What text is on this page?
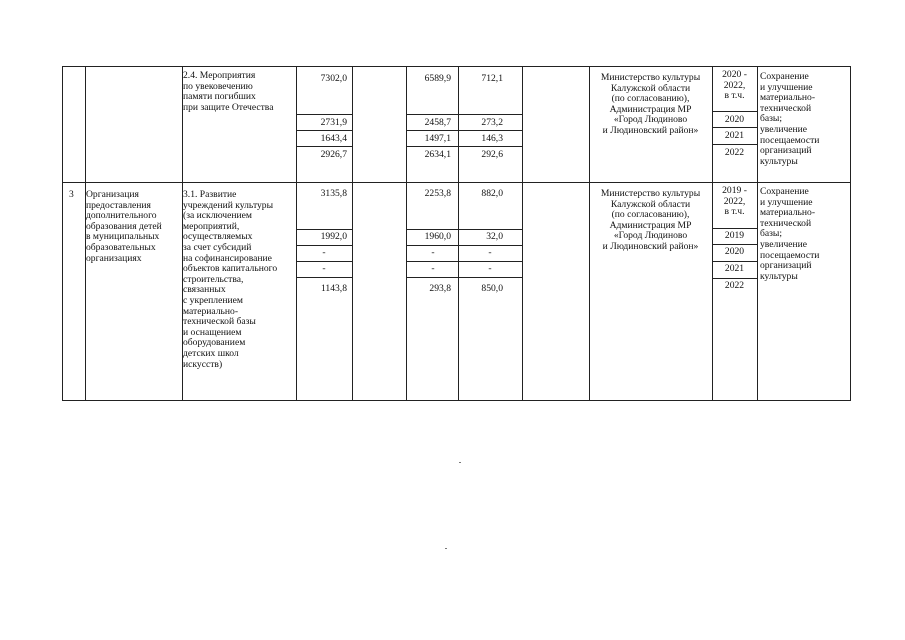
2.4. Мероприятия
по увековечению
памяти погибших
при защите Отечества
7302,0
2731,9
1643,4
2926,7
6589,9
2458,7
1497,1
2634,1
712,1
273,2
146,3
292,6
Министерство культуры
Калужской области
(по согласованию),
Администрация МР
«Город Людиново
и Людиновский район»
2020 -
2022,
в т.ч.
2020
2021
2022
Сохранение
и улучшение
материально-
технической
базы;
увеличение
посещаемости
организаций
культуры
3	Организация
предоставления
дополнительного
образования детей
в муниципальных
образовательных
организациях
3.1. Развитие
учреждений культуры
(за исключением
мероприятий,
осуществляемых
за счет субсидий
на софинансирование
объектов капитального
строительства,
связанных
с укреплением
материально-
технической базы
и оснащением
оборудованием
детских школ
искусств)
3135,8
1992,0
-
-
1143,8
2253,8
1960,0
-
-
293,8
882,0
32,0
-
-
850,0
Министерство культуры
Калужской области
(по согласованию),
Администрация МР
«Город Людиново
и Людиновский район»
2019 -
2022,
в т.ч.
2019
2020
2021
2022
Сохранение
и улучшение
материально-
технической
базы;
увеличение
посещаемости
организаций
культуры
